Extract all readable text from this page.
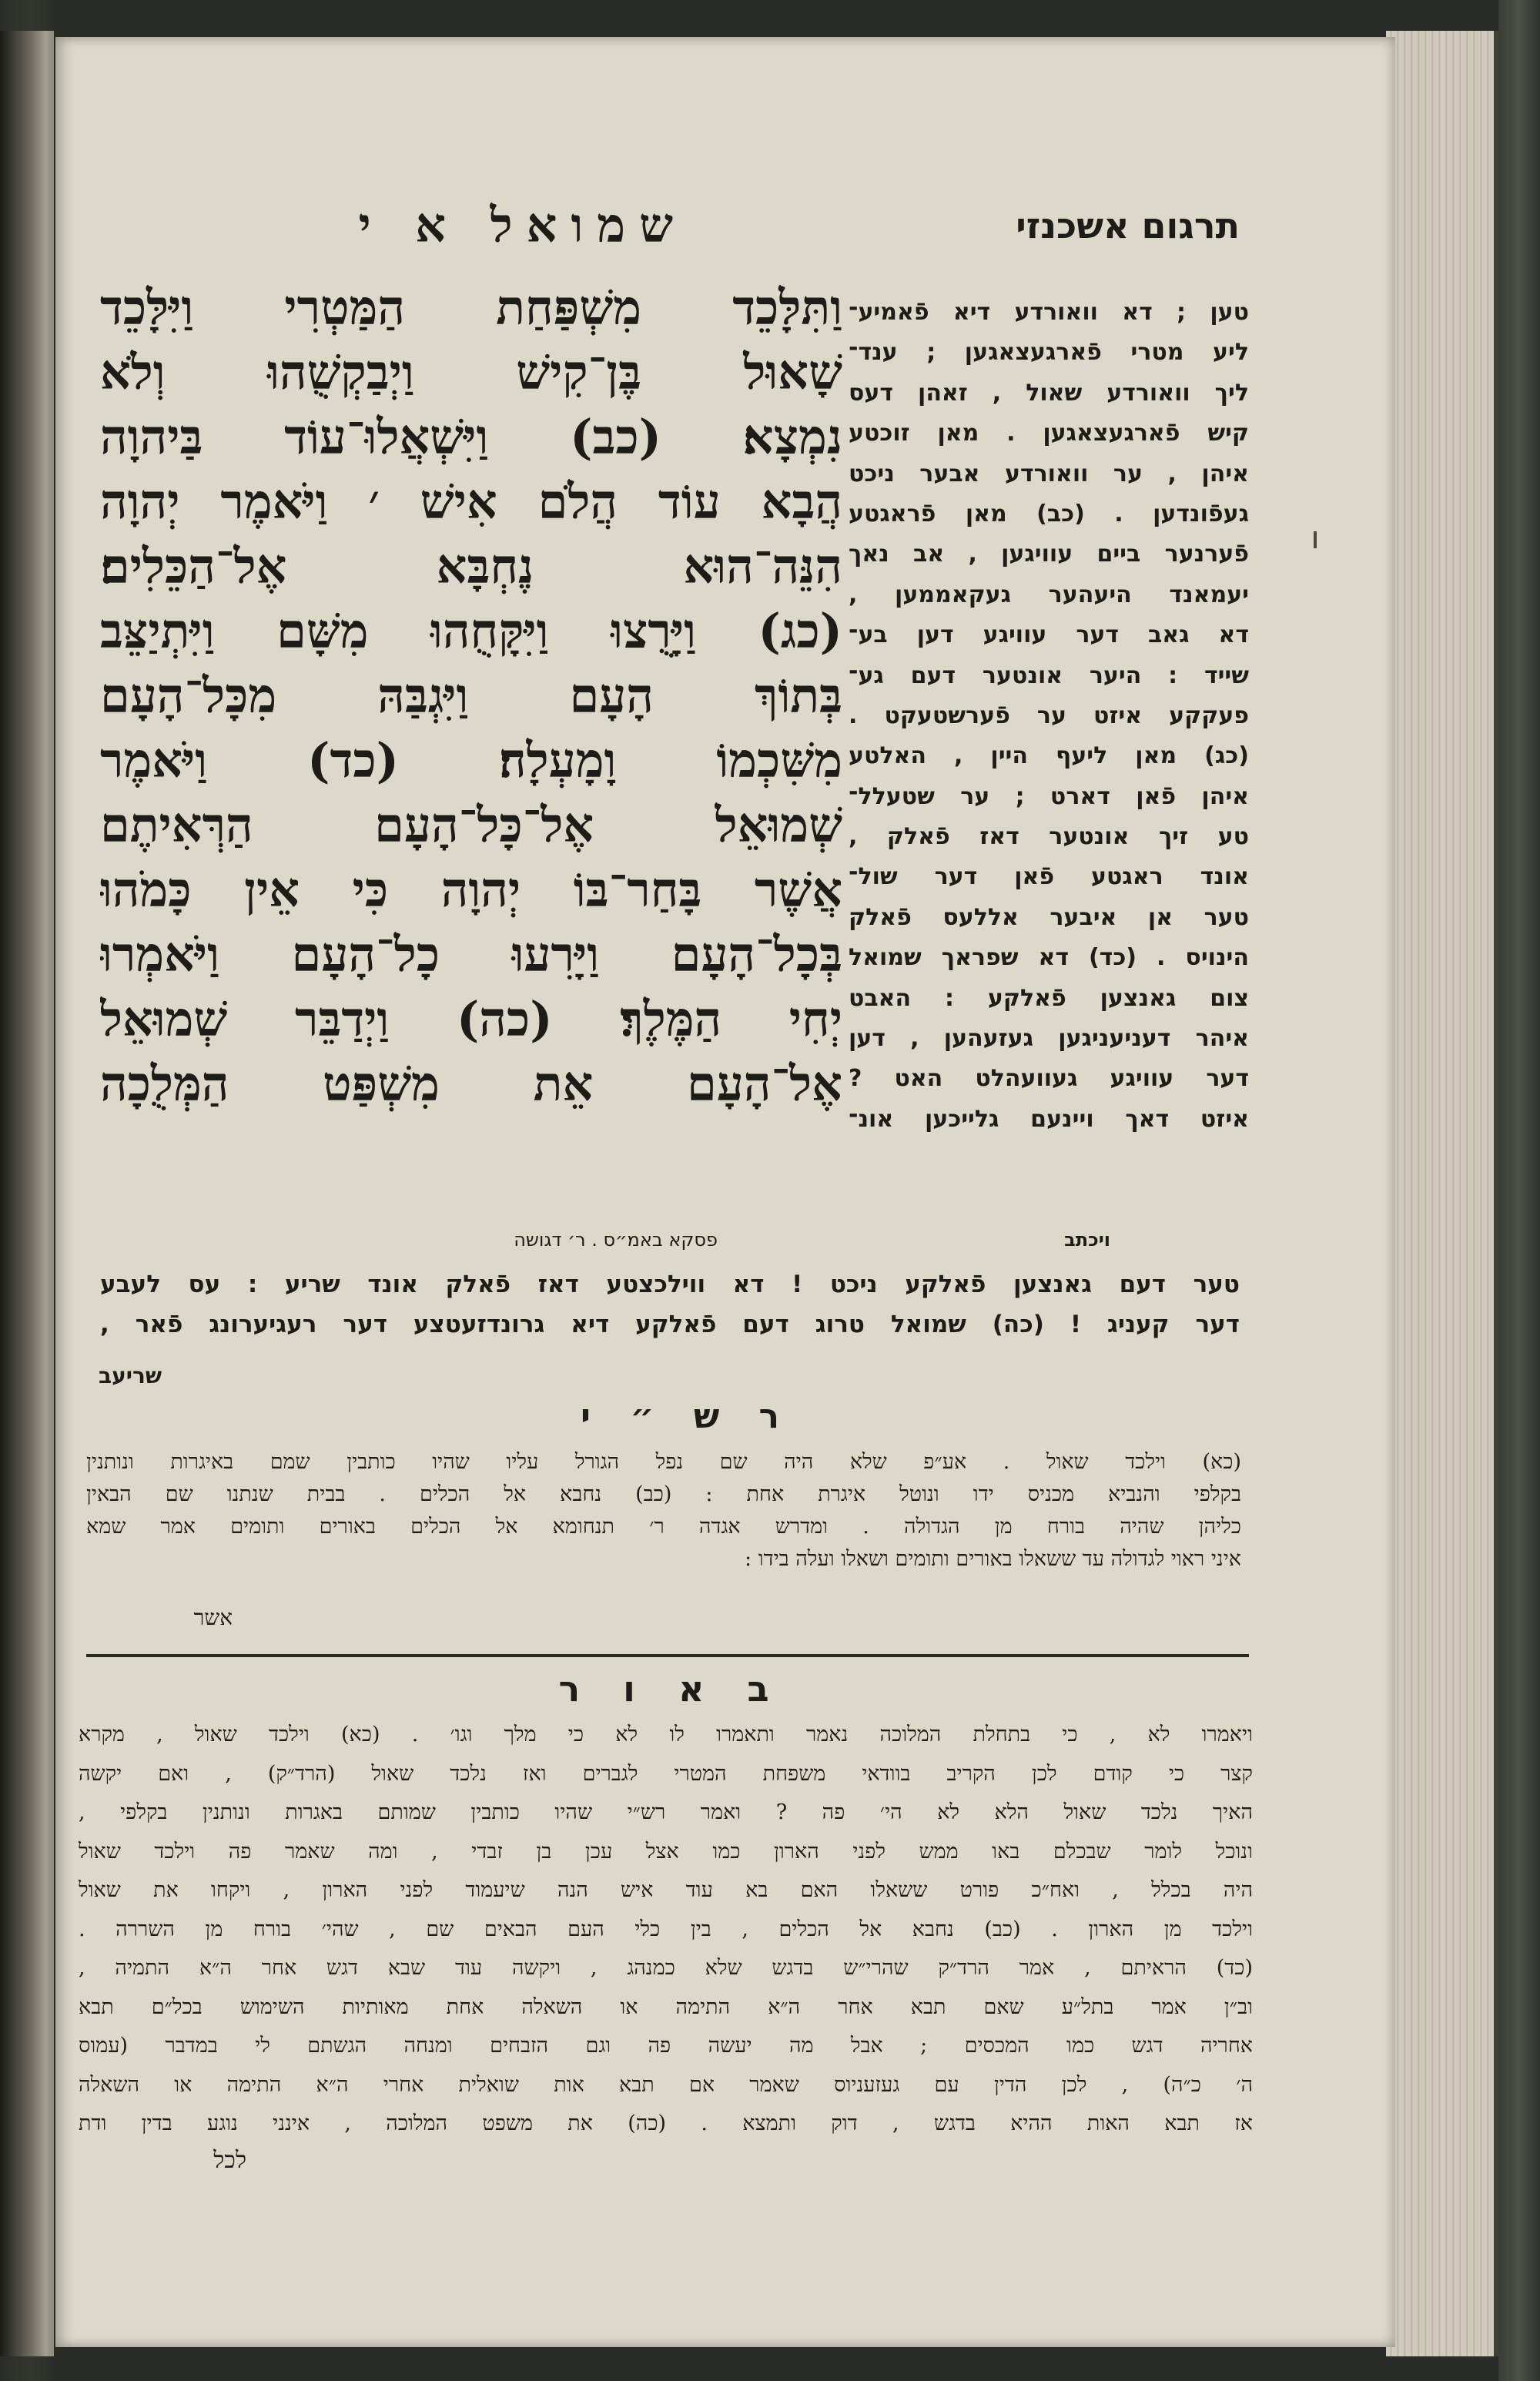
תרגום אשכנזי
שמואל א י
וַתִּלָּכֵד מִשְׁפַּחַת הַמַּטְרִי וַיִּלָּכֵד
שָׁאוּל בֶּן־קִישׁ וַיְבַקְשֻׁהוּ וְלֹא
נִמְצָא׃ (כב) וַיִּשְׁאֲלוּ־עוֹד בַּיהוָה
הֲבָא עוֹד הֲלֹם אִישׁ ׳ וַיֹּאמֶר יְהוָה
הִנֵּה־הוּא נֶחְבָּא אֶל־הַכֵּלִים׃
(כג) וַיָּרֻצוּ וַיִּקָּחֻהוּ מִשָּׁם וַיִּתְיַצֵּב
בְּתוֹךְ הָעָם וַיִּגְבַּהּ מִכָּל־הָעָם
מִשִּׁכְמוֹ וָמָעְלָה׃ (כד) וַיֹּאמֶר
שְׁמוּאֵל אֶל־כָּל־הָעָם הַרְּאִיתֶם
אֲשֶׁר בָּחַר־בּוֹ יְהוָה כִּי אֵין כָּמֹהוּ
בְּכָל־הָעָם וַיָּרִעוּ כָל־הָעָם וַיֹּאמְרוּ
יְחִי הַמֶּלֶךְ׃ (כה) וַיְדַבֵּר שְׁמוּאֵל
אֶל־הָעָם אֵת מִשְׁפַּט הַמְּלֻכָה
טען ; דא וואורדע דיא פֿאמיע־
ליע מטרי פֿארגעצאגען ; ענד־
ליך וואורדע שאול , זאהן דעס
קיש פֿארגעצאגען . מאן זוכטע
איהן , ער וואורדע אבער ניכט
געפֿונדען . (כב) מאן פֿראגטע
פֿערנער ביים עוויגען , אב נאך
יעמאנד היעהער געקאממען ,
דא גאב דער עוויגע דען בע־
שייד : היער אונטער דעם גע־
פעקקע איזט ער פֿערשטעקט .
(כג) מאן ליעף היין , האלטע
איהן פֿאן דארט ; ער שטעלל־
טע זיך אונטער דאז פֿאלק ,
אונד ראגטע פֿאן דער שול־
טער אן איבער אללעס פֿאלק
הינויס . (כד) דא שפראך שמואל
צום גאנצען פֿאלקע : האבט
איהר דעניעניגען געזעהען , דען
דער עוויגע געוועהלט האט ?
איזט דאך ויינעם גלייכען אונ־
פסקא באמ״ס . ר׳ דגושה	ויכתב
טער דעם גאנצען פֿאלקע ניכט ! דא ווילכצטע דאז פֿאלק אונד שריע : עס לעבע
דער קעניג ! (כה) שמואל טרוג דעם פֿאלקע דיא גרונדזעטצע דער רעגיערונג פֿאר ,
שריעב
ר ש ״ י
(כא) וילכד שאול . אע״פ שלא היה שם נפל הגורל עליו שהיו כותבין שמם באיגרות ונותנין
בקלפי והנביא מכניס ידו ונוטל איגרת אחת : (כב) נחבא אל הכלים . בבית שנתנו שם הבאין
כליהן שהיה בורח מן הגדולה . ומדרש אגדה ר׳ תנחומא אל הכלים באורים ותומים אמר שמא
איני ראוי לגדולה עד ששאלו באורים ותומים ושאלו ועלה בידו :
אשר
ב א ו ר
ויאמרו לא , כי בתחלת המלוכה נאמר ותאמרו לו לא כי מלך וגו׳ . (כא) וילכד שאול , מקרא
קצר כי קודם לכן הקריב בוודאי משפחת המטרי לגברים ואז נלכד שאול (הרד״ק) , ואם יקשה
האיך נלכד שאול הלא לא הי׳ פה ? ואמר רש״י שהיו כותבין שמותם באגרות ונותנין בקלפי ,
ונוכל לומר שבכלם באו ממש לפני הארון כמו אצל עכן בן זבדי , ומה שאמר פה וילכד שאול
היה בכלל , ואח״כ פורט ששאלו האם בא עוד איש הנה שיעמוד לפני הארון , ויקחו את שאול
וילכד מן הארון . (כב) נחבא אל הכלים , בין כלי העם הבאים שם , שהי׳ בורח מן השררה .
(כד) הראיתם , אמר הרד״ק שהרי״ש בדגש שלא כמנהג , ויקשה עוד שבא דגש אחר ה״א התמיה ,
וב״ן אמר בתל״ע שאם תבא אחר ה״א התימה או השאלה אחת מאותיות השימוש בכל״ם תבא
אחריה דגש כמו המכסים ; אבל מה יעשה פה וגם הזבחים ומנחה הגשתם לי במדבר (עמוס
ה׳ כ״ה) , לכן הדין עם געזעניוס שאמר אם תבא אות שואלית אחרי ה״א התימה או השאלה
אז תבא האות ההיא בדגש , דוק ותמצא . (כה) את משפט המלוכה , אינני נוגע בדין ודת
לכל
